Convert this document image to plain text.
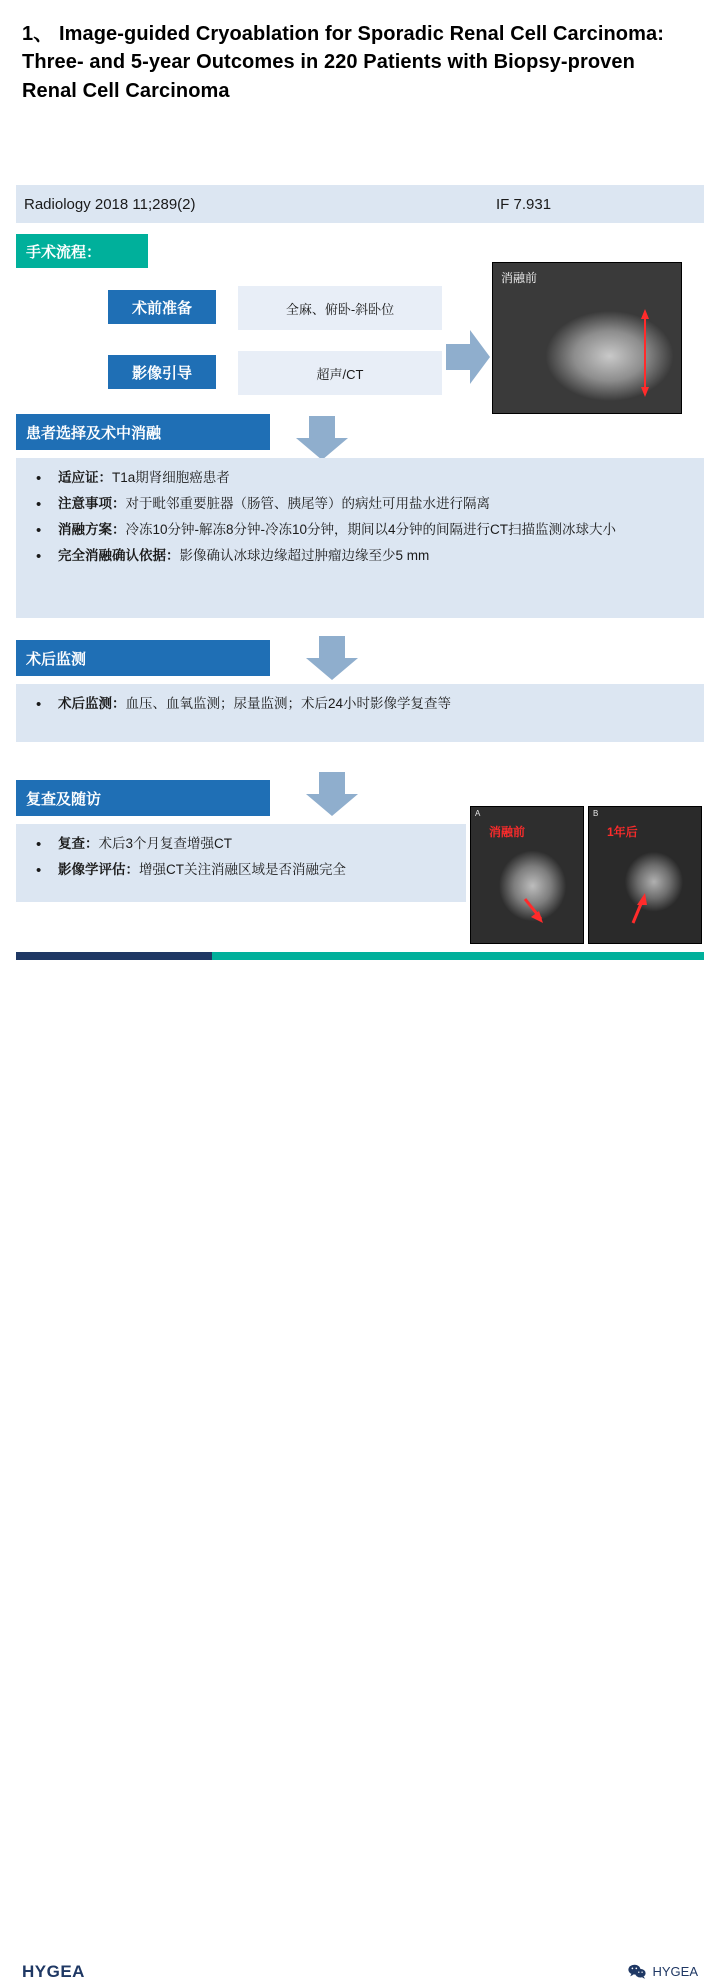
1、 Image-guided Cryoablation for Sporadic Renal Cell Carcinoma: Three- and 5-year Outcomes in 220 Patients with Biopsy-proven Renal Cell Carcinoma
Radiology 2018 11;289(2)	IF 7.931
手术流程：
术前准备	全麻、俯卧-斜卧位
影像引导	超声/CT
消融前
患者选择及术中消融
• 适应证：T1a期肾细胞癌患者
• 注意事项：对于毗邻重要脏器（肠管、胰尾等）的病灶可用盐水进行隔离
• 消融方案：冷冻10分钟-解冻8分钟-冷冻10分钟，期间以4分钟的间隔进行CT扫描监测冰球大小
• 完全消融确认依据：影像确认冰球边缘超过肿瘤边缘至少5 mm
术后监测
• 术后监测：血压、血氧监测；尿量监测；术后24小时影像学复查等
复查及随访
• 复查：术后3个月复查增强CT
• 影像学评估：增强CT关注消融区域是否消融完全
A
消融前
B
1年后
HYGEA	HYGEA
